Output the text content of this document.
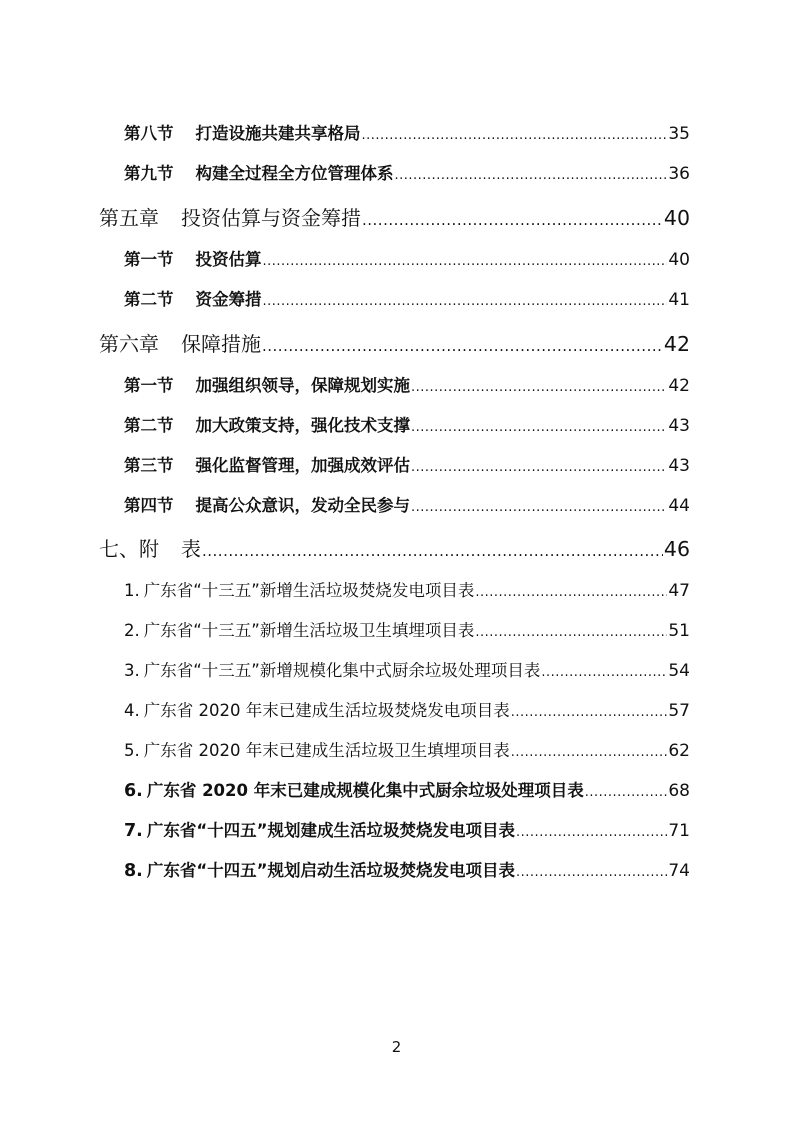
第八节 打造设施共建共享格局 .....	35
第九节 构建全过程全方位管理体系 .....	36
第五章 投资估算与资金筹措 .....	40
第一节 投资估算 .....	40
第二节 资金筹措 .....	41
第六章 保障措施 .....	42
第一节 加强组织领导，保障规划实施 .....	42
第二节 加大政策支持，强化技术支撑 .....	43
第三节 强化监督管理，加强成效评估 .....	43
第四节 提高公众意识，发动全民参与 .....	44
七、附 表 .....	46
1. 广东省“十三五”新增生活垃圾焚烧发电项目表 .....	47
2. 广东省“十三五”新增生活垃圾卫生填埋项目表 .....	51
3. 广东省“十三五”新增规模化集中式厨余垃圾处理项目表 .....	54
4. 广东省 2020 年末已建成生活垃圾焚烧发电项目表 .....	57
5. 广东省 2020 年末已建成生活垃圾卫生填埋项目表 .....	62
6. 广东省 2020 年末已建成规模化集中式厨余垃圾处理项目表 .....	68
7. 广东省“十四五”规划建成生活垃圾焚烧发电项目表 .....	71
8. 广东省“十四五”规划启动生活垃圾焚烧发电项目表 .....	74
2
